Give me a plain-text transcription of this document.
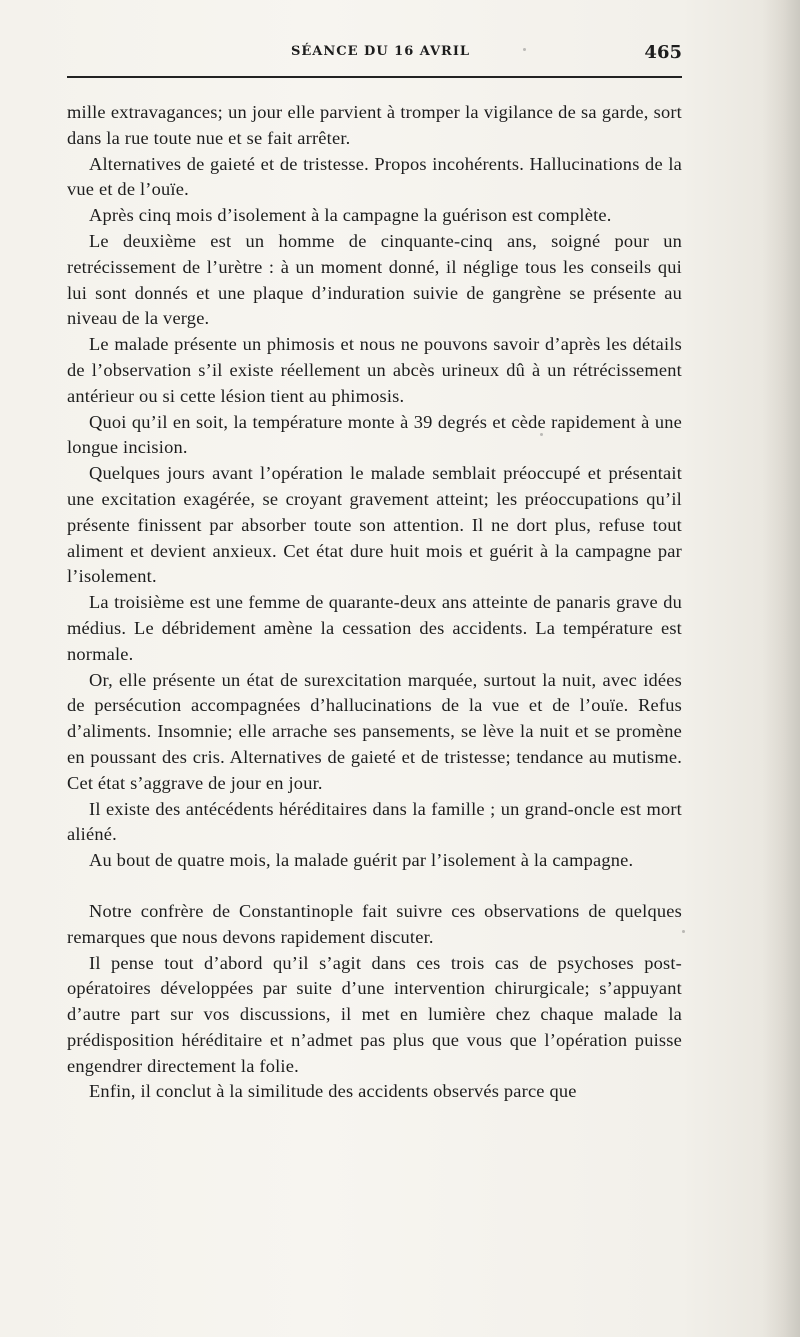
SÉANCE DU 16 AVRIL	465

mille extravagances; un jour elle parvient à tromper la vigilance de sa garde, sort dans la rue toute nue et se fait arrêter.

Alternatives de gaieté et de tristesse. Propos incohérents. Hallucinations de la vue et de l’ouïe.

Après cinq mois d’isolement à la campagne la guérison est complète.

Le deuxième est un homme de cinquante-cinq ans, soigné pour un retrécissement de l’urètre : à un moment donné, il néglige tous les conseils qui lui sont donnés et une plaque d’induration suivie de gangrène se présente au niveau de la verge.

Le malade présente un phimosis et nous ne pouvons savoir d’après les détails de l’observation s’il existe réellement un abcès urineux dû à un rétrécissement antérieur ou si cette lésion tient au phimosis.

Quoi qu’il en soit, la température monte à 39 degrés et cède rapidement à une longue incision.

Quelques jours avant l’opération le malade semblait préoccupé et présentait une excitation exagérée, se croyant gravement atteint; les préoccupations qu’il présente finissent par absorber toute son attention. Il ne dort plus, refuse tout aliment et devient anxieux. Cet état dure huit mois et guérit à la campagne par l’isolement.

La troisième est une femme de quarante-deux ans atteinte de panaris grave du médius. Le débridement amène la cessation des accidents. La température est normale.

Or, elle présente un état de surexcitation marquée, surtout la nuit, avec idées de persécution accompagnées d’hallucinations de la vue et de l’ouïe. Refus d’aliments. Insomnie; elle arrache ses pansements, se lève la nuit et se promène en poussant des cris. Alternatives de gaieté et de tristesse; tendance au mutisme. Cet état s’aggrave de jour en jour.

Il existe des antécédents héréditaires dans la famille ; un grand-oncle est mort aliéné.

Au bout de quatre mois, la malade guérit par l’isolement à la campagne.

Notre confrère de Constantinople fait suivre ces observations de quelques remarques que nous devons rapidement discuter.

Il pense tout d’abord qu’il s’agit dans ces trois cas de psychoses post-opératoires développées par suite d’une intervention chirurgicale; s’appuyant d’autre part sur vos discussions, il met en lumière chez chaque malade la prédisposition héréditaire et n’admet pas plus que vous que l’opération puisse engendrer directement la folie.

Enfin, il conclut à la similitude des accidents observés parce que
